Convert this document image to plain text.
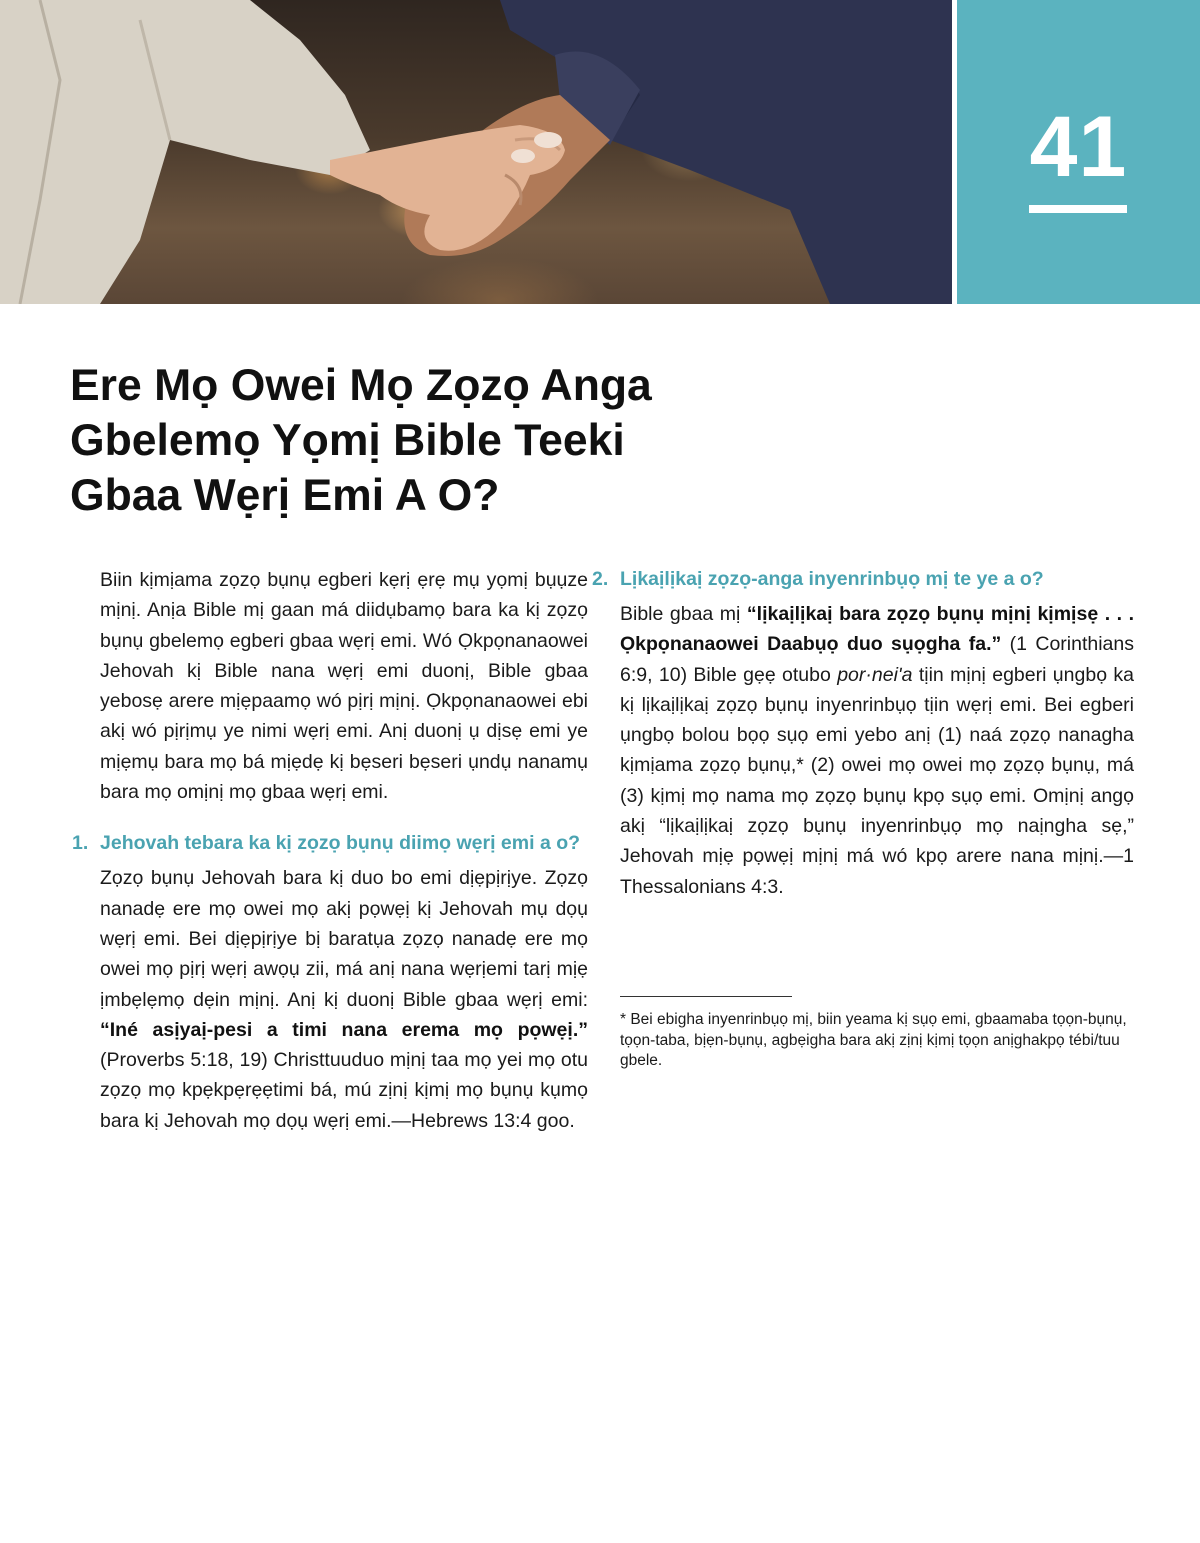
41
Ere Mọ Owei Mọ Zọzọ Anga
Gbelemọ Yọmị Bible Teeki
Gbaa Wẹrị Emi A O?

Biin kịmịama zọzọ bụnụ egberi kẹrị ẹrẹ mụ yọmị bụụze mịnị. Anịa Bible mị gaan má diidụbamọ bara ka kị zọzọ bụnụ gbelemọ egberi gbaa wẹrị emi. Wó Ọkpọnanaowei Jehovah kị Bible nana wẹrị emi duonị, Bible gbaa yebosẹ arere mịẹpaamọ wó pịrị mịnị. Ọkpọnanaowei ebi akị wó pịrịmụ ye nimi wẹrị emi. Anị duonị ụ dịsẹ emi ye mịẹmụ bara mọ bá mịẹdẹ kị bẹseri bẹseri ụndụ nanamụ bara mọ omịnị mọ gbaa wẹrị emi.

1. Jehovah tebara ka kị zọzọ bụnụ diimọ wẹrị emi a o?

Zọzọ bụnụ Jehovah bara kị duo bo emi dịẹpịrịye. Zọzọ nanadẹ ere mọ owei mọ akị pọwẹị kị Jehovah mụ dọụ wẹrị emi. Bei dịẹpịrịye bị baratụa zọzọ nanadẹ ere mọ owei mọ pịrị wẹrị awọụ zii, má anị nana wẹrịemi tarị mịẹ ịmbẹlẹmọ dẹin mịnị. Anị kị duonị Bible gbaa wẹrị emi: “Iné asịyaị-pesi a timi nana erema mọ pọwẹị.” (Proverbs 5:18, 19) Christtuuduo mịnị taa mọ yei mọ otu zọzọ mọ kpẹkpẹrẹẹtimi bá, mú zịnị kịmị mọ bụnụ kụmọ bara kị Jehovah mọ dọụ wẹrị emi.—Hebrews 13:4 goo.

2. Lịkaịlịkaị zọzọ-anga inyenrinbụọ mị te ye a o?

Bible gbaa mị “lịkaịlịkaị bara zọzọ bụnụ mịnị kịmịsẹ . . . Ọkpọnanaowei Daabụọ duo sụọgha fa.” (1 Corinthians 6:9, 10) Bible gẹẹ otubo por·neiʹa tịin mịnị egberi ụngbọ ka kị lịkaịlịkaị zọzọ bụnụ inyenrinbụọ tịin wẹrị emi. Bei egberi ụngbọ bolou bọọ sụọ emi yebo anị (1) naá zọzọ nanagha kịmịama zọzọ bụnụ,* (2) owei mọ owei mọ zọzọ bụnụ, má (3) kịmị mọ nama mọ zọzọ bụnụ kpọ sụọ emi. Omịnị angọ akị “lịkaịlịkaị zọzọ bụnụ inyenrinbụọ mọ naịngha sẹ,” Jehovah mịẹ pọwẹị mịnị má wó kpọ arere nana mịnị.—1 Thessalonians 4:3.

* Bei ebigha inyenrinbụọ mị, biin yeama kị sụọ emi, gbaamaba tọọn-bụnụ, tọọn-taba, bịẹn-bụnụ, agbẹigha bara akị zịnị kịmị tọọn anịghakpọ tébi/tuu gbele.
